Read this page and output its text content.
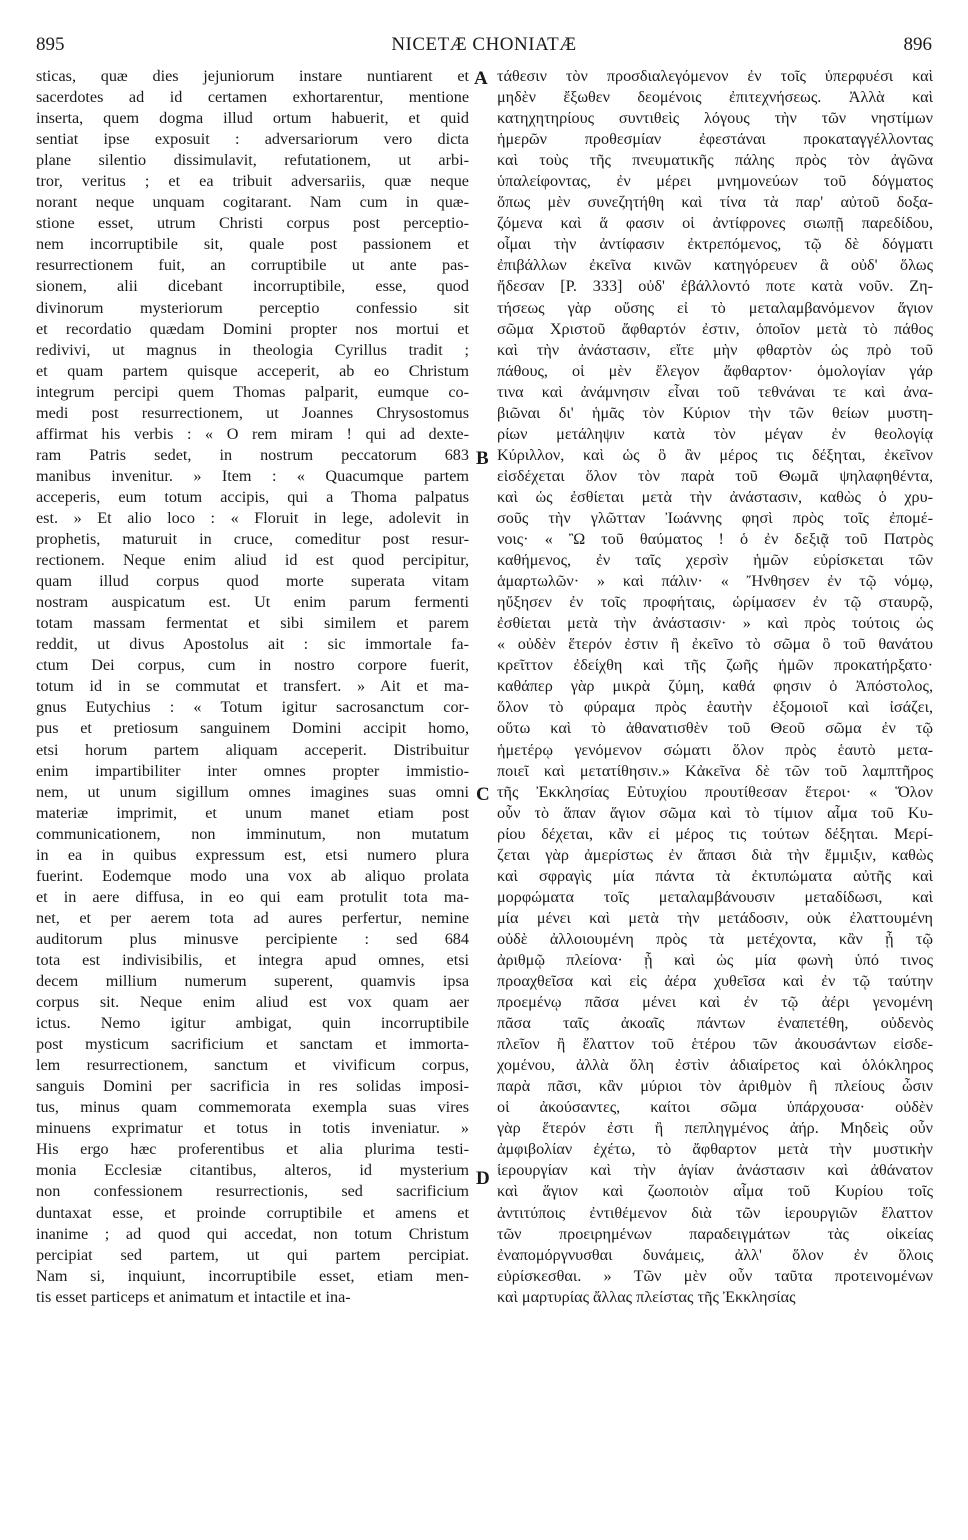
895	NICETÆ CHONIATÆ	896
sticas, quæ dies jejuniorum instare nuntiarent et
sacerdotes ad id certamen exhortarentur, mentione
inserta, quem dogma illud ortum habuerit, et quid
sentiat ipse exposuit : adversariorum vero dicta
plane silentio dissimulavit, refutationem, ut arbi-
tror, veritus ; et ea tribuit adversariis, quæ neque
norant neque unquam cogitarant. Nam cum in quæ-
stione esset, utrum Christi corpus post perceptio-
nem incorruptibile sit, quale post passionem et
resurrectionem fuit, an corruptibile ut ante pas-
sionem, alii dicebant incorruptibile, esse, quod
divinorum mysteriorum perceptio confessio sit
et recordatio quædam Domini propter nos mortui et
redivivi, ut magnus in theologia Cyrillus tradit ;
et quam partem quisque acceperit, ab eo Christum
integrum percipi quem Thomas palparit, eumque co-
medi post resurrectionem, ut Joannes Chrysostomus
affirmat his verbis : « O rem miram ! qui ad dexte-
ram Patris sedet, in nostrum peccatorum 683
manibus invenitur. » Item : « Quacumque partem
acceperis, eum totum accipis, qui a Thoma palpatus
est. » Et alio loco : « Floruit in lege, adolevit in
prophetis, maturuit in cruce, comeditur post resur-
rectionem. Neque enim aliud id est quod percipitur,
quam illud corpus quod morte superata vitam
nostram auspicatum est. Ut enim parum fermenti
totam massam fermentat et sibi similem et parem
reddit, ut divus Apostolus ait : sic immortale fa-
ctum Dei corpus, cum in nostro corpore fuerit,
totum id in se commutat et transfert. » Ait et ma-
gnus Eutychius : « Totum igitur sacrosanctum cor-
pus et pretiosum sanguinem Domini accipit homo,
etsi horum partem aliquam acceperit. Distribuitur
enim impartibiliter inter omnes propter immistio-
nem, ut unum sigillum omnes imagines suas omni
materiæ imprimit, et unum manet etiam post
communicationem, non imminutum, non mutatum
in ea in quibus expressum est, etsi numero plura
fuerint. Eodemque modo una vox ab aliquo prolata
et in aere diffusa, in eo qui eam protulit tota ma-
net, et per aerem tota ad aures perfertur, nemine
auditorum plus minusve percipiente : sed 684
tota est indivisibilis, et integra apud omnes, etsi
decem millium numerum superent, quamvis ipsa
corpus sit. Neque enim aliud est vox quam aer
ictus. Nemo igitur ambigat, quin incorruptibile
post mysticum sacrificium et sanctam et immorta-
lem resurrectionem, sanctum et vivificum corpus,
sanguis Domini per sacrificia in res solidas imposi-
tus, minus quam commemorata exempla suas vires
minuens exprimatur et totus in totis inveniatur. »
His ergo hæc proferentibus et alia plurima testi-
monia Ecclesiæ citantibus, alteros, id mysterium
non confessionem resurrectionis, sed sacrificium
duntaxat esse, et proinde corruptibile et amens et
inanime ; ad quod qui accedat, non totum Christum
percipiat sed partem, ut qui partem percipiat.
Nam si, inquiunt, incorruptibile esset, etiam men-
tis esset particeps et animatum et intactile et ina-
τάθεσιν τὸν προσδιαλεγόμενον ἐν τοῖς ὑπερφυέσι καὶ
μηδὲν ἔξωθεν δεομένοις ἐπιτεχνήσεως. Ἀλλὰ καὶ
κατηχητηρίους συντιθεὶς λόγους τὴν τῶν νηστίμων
ἡμερῶν προθεσμίαν ἐφεστάναι προκαταγγέλλοντας
καὶ τοὺς τῆς πνευματικῆς πάλης πρὸς τὸν ἀγῶνα
ὑπαλείφοντας, ἐν μέρει μνημονεύων τοῦ δόγματος
ὅπως μὲν συνεζητήθη καὶ τίνα τὰ παρ' αὐτοῦ δοξα-
ζόμενα καὶ ἅ φασιν οἱ ἀντίφρονες σιωπῇ παρεδίδου,
οἶμαι τὴν ἀντίφασιν ἐκτρεπόμενος, τῷ δὲ δόγματι
ἐπιβάλλων ἐκεῖνα κινῶν κατηγόρευεν ἃ οὐδ' ὅλως
ἤδεσαν [P. 333] οὐδ' ἐβάλλοντό ποτε κατὰ νοῦν. Ζη-
τήσεως γὰρ οὔσης εἰ τὸ μεταλαμβανόμενον ἅγιον
σῶμα Χριστοῦ ἄφθαρτόν ἐστιν, ὁποῖον μετὰ τὸ πάθος
καὶ τὴν ἀνάστασιν, εἴτε μὴν φθαρτὸν ὡς πρὸ τοῦ
πάθους, οἱ μὲν ἔλεγον ἄφθαρτον· ὁμολογίαν γάρ
τινα καὶ ἀνάμνησιν εἶναι τοῦ τεθνάναι τε καὶ ἀνα-
βιῶναι δι' ἡμᾶς τὸν Κύριον τὴν τῶν θείων μυστη-
ρίων μετάληψιν κατὰ τὸν μέγαν ἐν θεολογίᾳ
Κύριλλον, καὶ ὡς ὃ ἂν μέρος τις δέξηται, ἐκεῖνον
εἰσδέχεται ὅλον τὸν παρὰ τοῦ Θωμᾶ ψηλαφηθέντα,
καὶ ὡς ἐσθίεται μετὰ τὴν ἀνάστασιν, καθὼς ὁ χρυ-
σοῦς τὴν γλῶτταν Ἰωάννης φησὶ πρὸς τοῖς ἐπομέ-
νοις· « Ὢ τοῦ θαύματος ! ὁ ἐν δεξιᾷ τοῦ Πατρὸς
καθήμενος, ἐν ταῖς χερσὶν ἡμῶν εὑρίσκεται τῶν
ἁμαρτωλῶν· » καὶ πάλιν· « Ἤνθησεν ἐν τῷ νόμῳ,
ηὔξησεν ἐν τοῖς προφήταις, ὡρίμασεν ἐν τῷ σταυρῷ,
ἐσθίεται μετὰ τὴν ἀνάστασιν· » καὶ πρὸς τούτοις ὡς
« οὐδὲν ἕτερόν ἐστιν ἢ ἐκεῖνο τὸ σῶμα ὃ τοῦ θανάτου
κρεῖττον ἐδείχθη καὶ τῆς ζωῆς ἡμῶν προκατήρξατο·
καθάπερ γὰρ μικρὰ ζύμη, καθά φησιν ὁ Ἀπόστολος,
ὅλον τὸ φύραμα πρὸς ἑαυτὴν ἐξομοιοῖ καὶ ἰσάζει,
οὕτω καὶ τὸ ἀθανατισθὲν τοῦ Θεοῦ σῶμα ἐν τῷ
ἡμετέρῳ γενόμενον σώματι ὅλον πρὸς ἑαυτὸ μετα-
ποιεῖ καὶ μετατίθησιν.» Κἀκεῖνα δὲ τῶν τοῦ λαμπτῆρος
τῆς Ἐκκλησίας Εὐτυχίου προυτίθεσαν ἕτεροι· « Ὅλον
οὖν τὸ ἅπαν ἅγιον σῶμα καὶ τὸ τίμιον αἷμα τοῦ Κυ-
ρίου δέχεται, κἂν εἰ μέρος τις τούτων δέξηται. Μερί-
ζεται γὰρ ἀμερίστως ἐν ἅπασι διὰ τὴν ἔμμιξιν, καθὼς
καὶ σφραγὶς μία πάντα τὰ ἐκτυπώματα αὐτῆς καὶ
μορφώματα τοῖς μεταλαμβάνουσιν μεταδίδωσι, καὶ
μία μένει καὶ μετὰ τὴν μετάδοσιν, οὐκ ἐλαττουμένη
οὐδὲ ἀλλοιουμένη πρὸς τὰ μετέχοντα, κἂν ᾖ τῷ
ἀριθμῷ πλείονα· ᾗ καὶ ὡς μία φωνὴ ὑπό τινος
προαχθεῖσα καὶ εἰς ἀέρα χυθεῖσα καὶ ἐν τῷ ταύτην
προεμένῳ πᾶσα μένει καὶ ἐν τῷ ἀέρι γενομένη
πᾶσα ταῖς ἀκοαῖς πάντων ἐναπετέθη, οὐδενὸς
πλεῖον ἢ ἔλαττον τοῦ ἑτέρου τῶν ἀκουσάντων εἰσδε-
χομένου, ἀλλὰ ὅλη ἐστὶν ἀδιαίρετος καὶ ὁλόκληρος
παρὰ πᾶσι, κἂν μύριοι τὸν ἀριθμὸν ἢ πλείους ὦσιν
οἱ ἀκούσαντες, καίτοι σῶμα ὑπάρχουσα· οὐδὲν
γὰρ ἕτερόν ἐστι ἢ πεπληγμένος ἀήρ. Μηδεὶς οὖν
ἀμφιβολίαν ἐχέτω, τὸ ἄφθαρτον μετὰ τὴν μυστικὴν
ἱερουργίαν καὶ τὴν ἁγίαν ἀνάστασιν καὶ ἀθάνατον
καὶ ἅγιον καὶ ζωοποιὸν αἷμα τοῦ Κυρίου τοῖς
ἀντιτύποις ἐντιθέμενον διὰ τῶν ἱερουργιῶν ἔλαττον
τῶν προειρημένων παραδειγμάτων τὰς οἰκείας
ἐναπομόργνυσθαι δυνάμεις, ἀλλ' ὅλον ἐν ὅλοις
εὑρίσκεσθαι. » Τῶν μὲν οὖν ταῦτα προτεινομένων
καὶ μαρτυρίας ἄλλας πλείστας τῆς Ἐκκλησίας
A
B
C
D
